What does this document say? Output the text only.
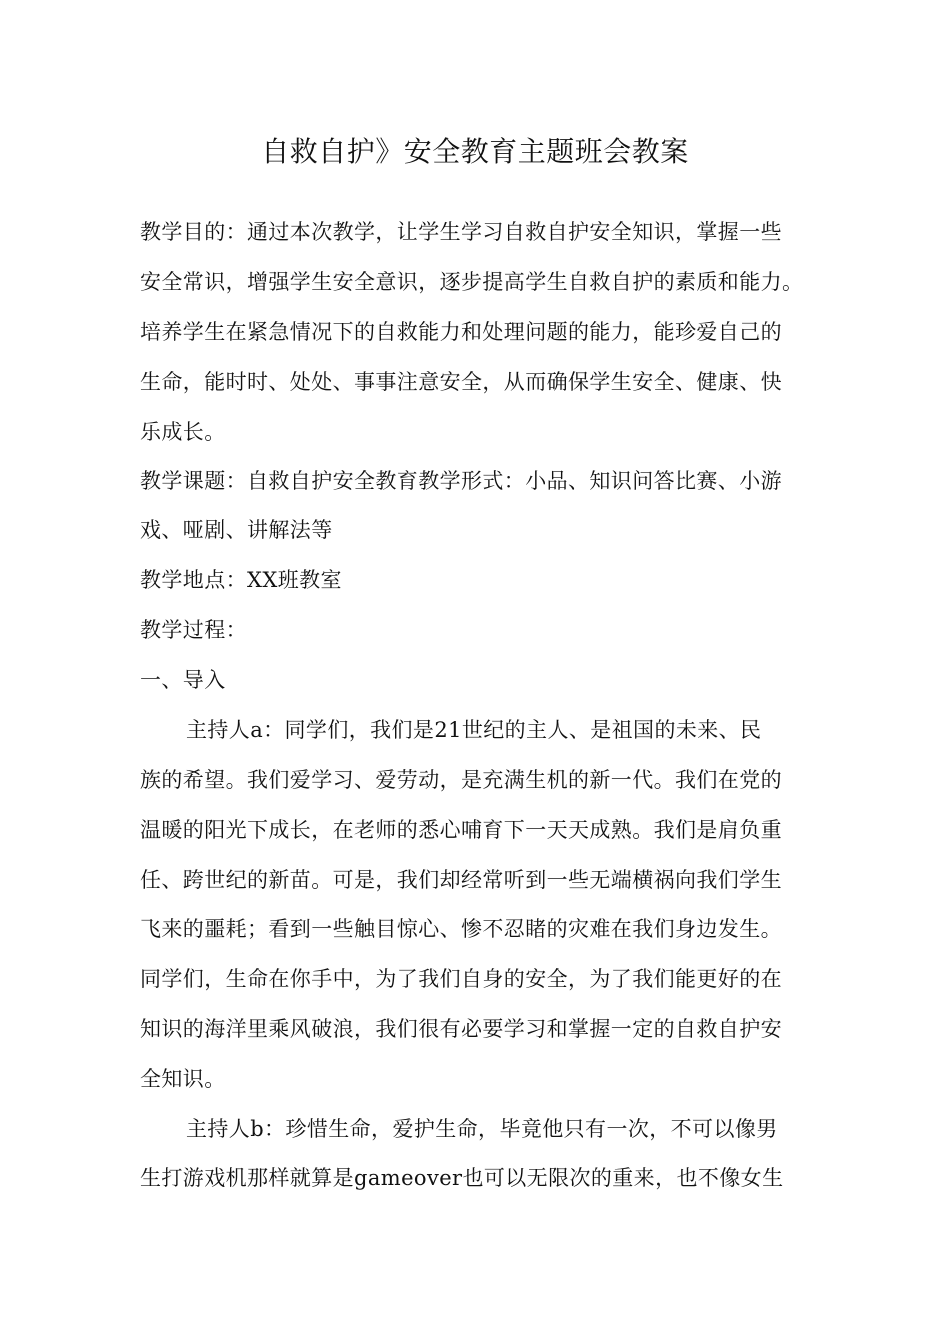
自救自护》安全教育主题班会教案
教学目的：通过本次教学，让学生学习自救自护安全知识，掌握一些
安全常识，增强学生安全意识，逐步提高学生自救自护的素质和能力。
培养学生在紧急情况下的自救能力和处理问题的能力，能珍爱自己的
生命，能时时、处处、事事注意安全，从而确保学生安全、健康、快
乐成长。
教学课题：自救自护安全教育教学形式：小品、知识问答比赛、小游
戏、哑剧、讲解法等
教学地点：XX班教室
教学过程：
一、导入
主持人a：同学们，我们是21世纪的主人、是祖国的未来、民
族的希望。我们爱学习、爱劳动，是充满生机的新一代。我们在党的
温暖的阳光下成长，在老师的悉心哺育下一天天成熟。我们是肩负重
任、跨世纪的新苗。可是，我们却经常听到一些无端横祸向我们学生
飞来的噩耗；看到一些触目惊心、惨不忍睹的灾难在我们身边发生。
同学们，生命在你手中，为了我们自身的安全，为了我们能更好的在
知识的海洋里乘风破浪，我们很有必要学习和掌握一定的自救自护安
全知识。
主持人b：珍惜生命，爱护生命，毕竟他只有一次，不可以像男
生打游戏机那样就算是gameover也可以无限次的重来，也不像女生
